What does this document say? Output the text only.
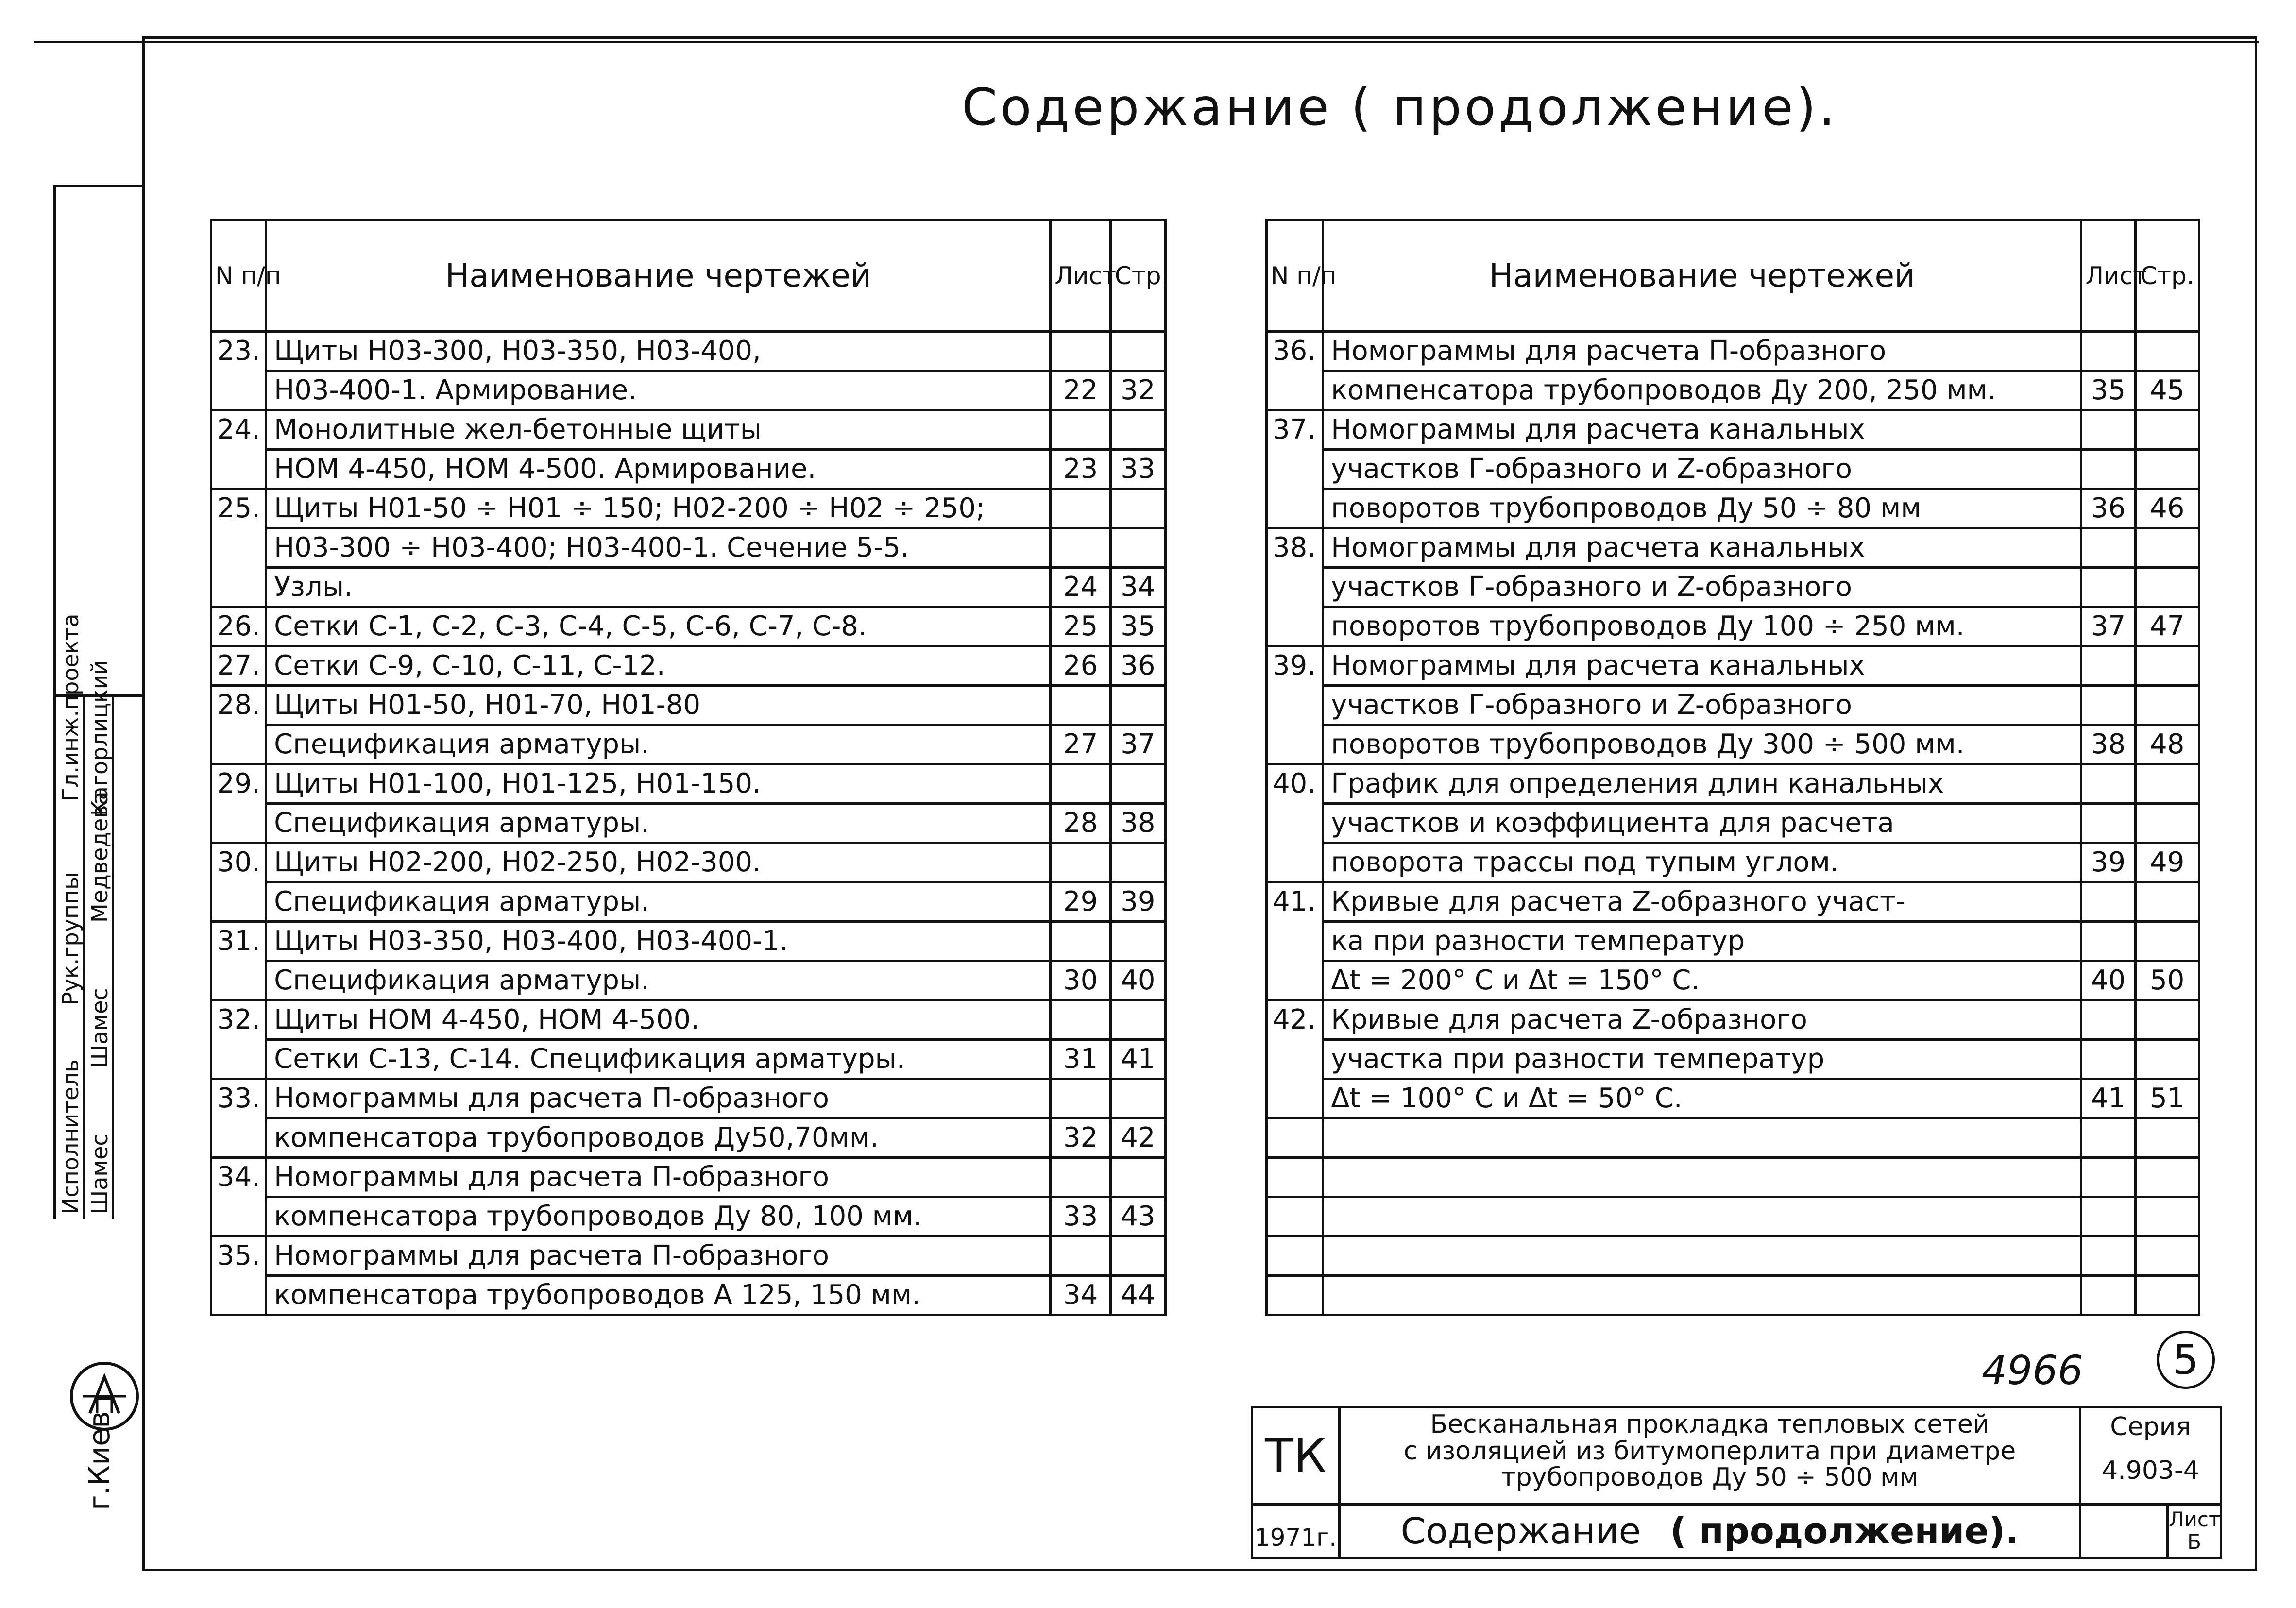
Содержание ( продолжение).
N п/п	Наименование чертежей	Лист	Стр.
23.	Щиты Н03-300, Н03-350, Н03-400,		
	Н03-400-1. Армирование.	22	32
24.	Монолитные жел-бетонные щиты		
	НОМ 4-450, НОМ 4-500. Армирование.	23	33
25.	Щиты Н01-50 ÷ Н01 ÷ 150; Н02-200 ÷ Н02 ÷ 250;		
	Н03-300 ÷ Н03-400; Н03-400-1. Сечение 5-5.		
	Узлы.	24	34
26.	Сетки С-1, С-2, С-3, С-4, С-5, С-6, С-7, С-8.	25	35
27.	Сетки С-9, С-10, С-11, С-12.	26	36
28.	Щиты Н01-50, Н01-70, Н01-80		
	Спецификация арматуры.	27	37
29.	Щиты Н01-100, Н01-125, Н01-150.		
	Спецификация арматуры.	28	38
30.	Щиты Н02-200, Н02-250, Н02-300.		
	Спецификация арматуры.	29	39
31.	Щиты Н03-350, Н03-400, Н03-400-1.		
	Спецификация арматуры.	30	40
32.	Щиты НОМ 4-450, НОМ 4-500.		
	Сетки С-13, С-14. Спецификация арматуры.	31	41
33.	Номограммы для расчета П-образного		
	компенсатора трубопроводов Ду50,70мм.	32	42
34.	Номограммы для расчета П-образного		
	компенсатора трубопроводов Ду 80, 100 мм.	33	43
35.	Номограммы для расчета П-образного		
	компенсатора трубопроводов А 125, 150 мм.	34	44
N п/п	Наименование чертежей	Лист	Стр.
36.	Номограммы для расчета П-образного		
	компенсатора трубопроводов Ду 200, 250 мм.	35	45
37.	Номограммы для расчета канальных		
	участков Г-образного и Z-образного		
	поворотов трубопроводов Ду 50 ÷ 80 мм	36	46
38.	Номограммы для расчета канальных		
	участков Г-образного и Z-образного		
	поворотов трубопроводов Ду 100 ÷ 250 мм.	37	47
39.	Номограммы для расчета канальных		
	участков Г-образного и Z-образного		
	поворотов трубопроводов Ду 300 ÷ 500 мм.	38	48
40.	График для определения длин канальных		
	участков и коэффициента для расчета		
	поворота трассы под тупым углом.	39	49
41.	Кривые для расчета Z-образного участ-		
	ка при разности температур		
	Δt = 200° С и Δt = 150° С.	40	50
42.	Кривые для расчета Z-образного		
	участка при разности температур		
	Δt = 100° С и Δt = 50° С.	41	51

Исполнитель
Рук.группы
Гл.инж.проекта
Шамес
Шамес
Медведева
Кагорлицкий
г.Киев
4966	5
ТК
Бесканальная прокладка тепловых сетей
с изоляцией из битумоперлита при диаметре
трубопроводов Ду 50 ÷ 500 мм
Серия
4.903-4
1971г. Содержание ( продолжение).	Лист
Б
